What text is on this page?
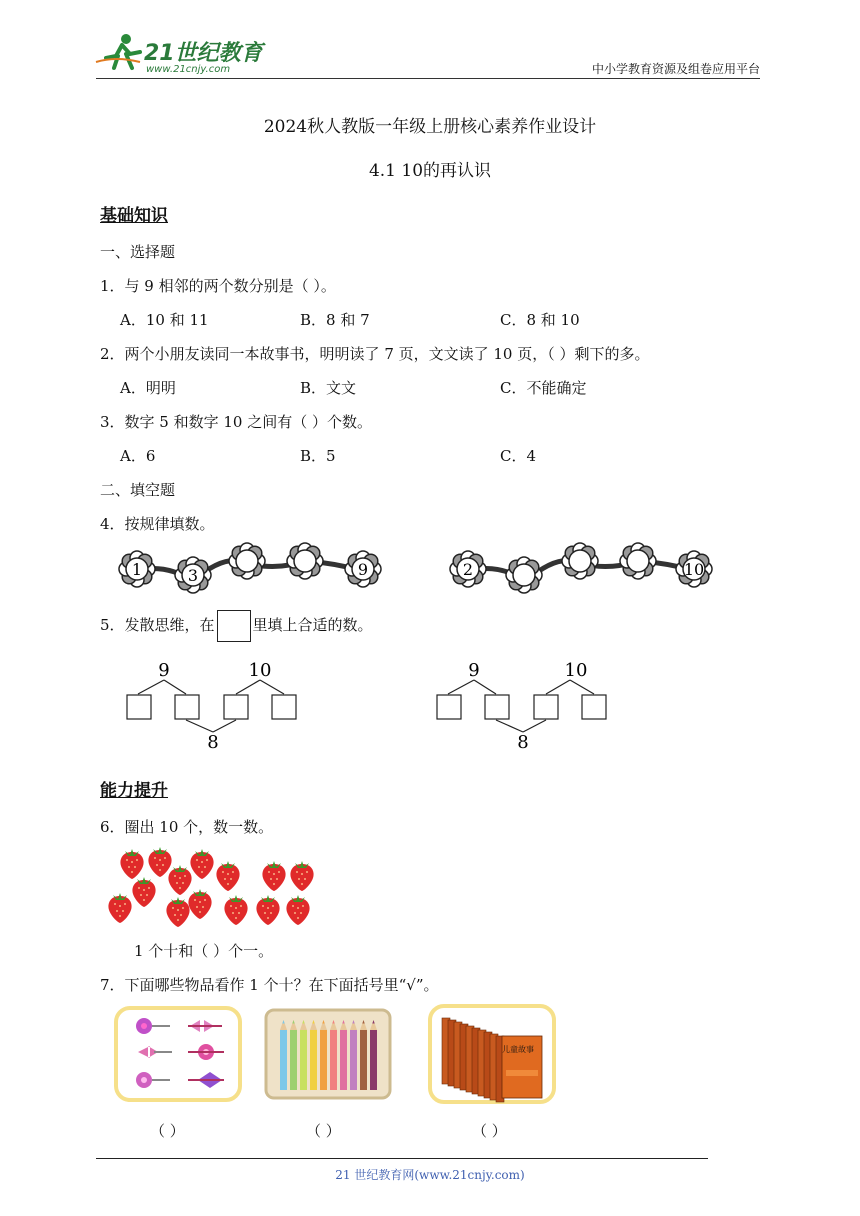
21世纪教育
www.21cnjy.com	中小学教育资源及组卷应用平台
2024秋人教版一年级上册核心素养作业设计
4.1 10的再认识
基础知识
一、选择题
1．与 9 相邻的两个数分别是（ ）。
A．10 和 11	B．8 和 7	C．8 和 10
2．两个小朋友读同一本故事书，明明读了 7 页，文文读了 10 页，（ ）剩下的多。
A．明明	B．文文	C．不能确定
3．数字 5 和数字 10 之间有（ ）个数。
A．6	B．5	C．4
二、填空题
4．按规律填数。
1	3	9	2	10
5．发散思维，在	里填上合适的数。
9	10
8
9	10
8
能力提升
6．圈出 10 个，数一数。
1 个十和（ ）个一。
7．下面哪些物品看作 1 个十？在下面括号里“√”。
儿童故事
（ ）	（ ）	（ ）
21 世纪教育网(www.21cnjy.com)
